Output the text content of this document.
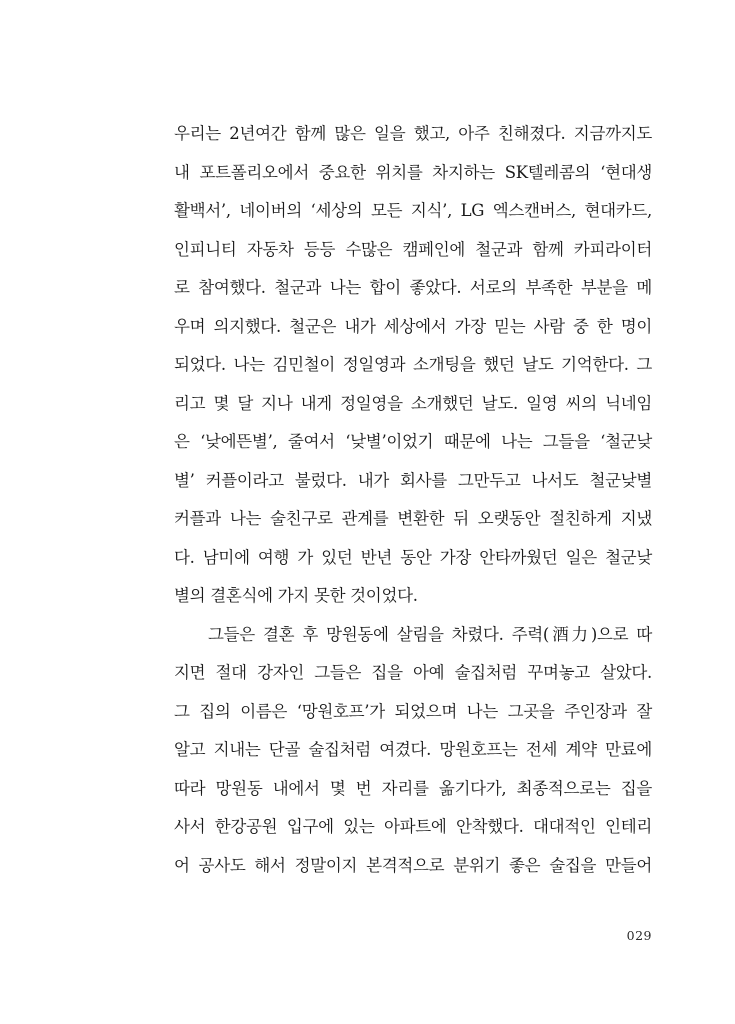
우리는 2년여간 함께 많은 일을 했고, 아주 친해졌다. 지금까지도
내 포트폴리오에서 중요한 위치를 차지하는 SK텔레콤의 ‘현대생
활백서’, 네이버의 ‘세상의 모든 지식’, LG 엑스캔버스, 현대카드,
인피니티 자동차 등등 수많은 캠페인에 철군과 함께 카피라이터
로 참여했다. 철군과 나는 합이 좋았다. 서로의 부족한 부분을 메
우며 의지했다. 철군은 내가 세상에서 가장 믿는 사람 중 한 명이
되었다. 나는 김민철이 정일영과 소개팅을 했던 날도 기억한다. 그
리고 몇 달 지나 내게 정일영을 소개했던 날도. 일영 씨의 닉네임
은 ‘낮에뜬별’, 줄여서 ‘낮별’이었기 때문에 나는 그들을 ‘철군낮
별’ 커플이라고 불렀다. 내가 회사를 그만두고 나서도 철군낮별
커플과 나는 술친구로 관계를 변환한 뒤 오랫동안 절친하게 지냈
다. 남미에 여행 가 있던 반년 동안 가장 안타까웠던 일은 철군낮
별의 결혼식에 가지 못한 것이었다.
그들은 결혼 후 망원동에 살림을 차렸다. 주력(酒力)으로 따
지면 절대 강자인 그들은 집을 아예 술집처럼 꾸며놓고 살았다.
그 집의 이름은 ‘망원호프’가 되었으며 나는 그곳을 주인장과 잘
알고 지내는 단골 술집처럼 여겼다. 망원호프는 전세 계약 만료에
따라 망원동 내에서 몇 번 자리를 옮기다가, 최종적으로는 집을
사서 한강공원 입구에 있는 아파트에 안착했다. 대대적인 인테리
어 공사도 해서 정말이지 본격적으로 분위기 좋은 술집을 만들어
029
